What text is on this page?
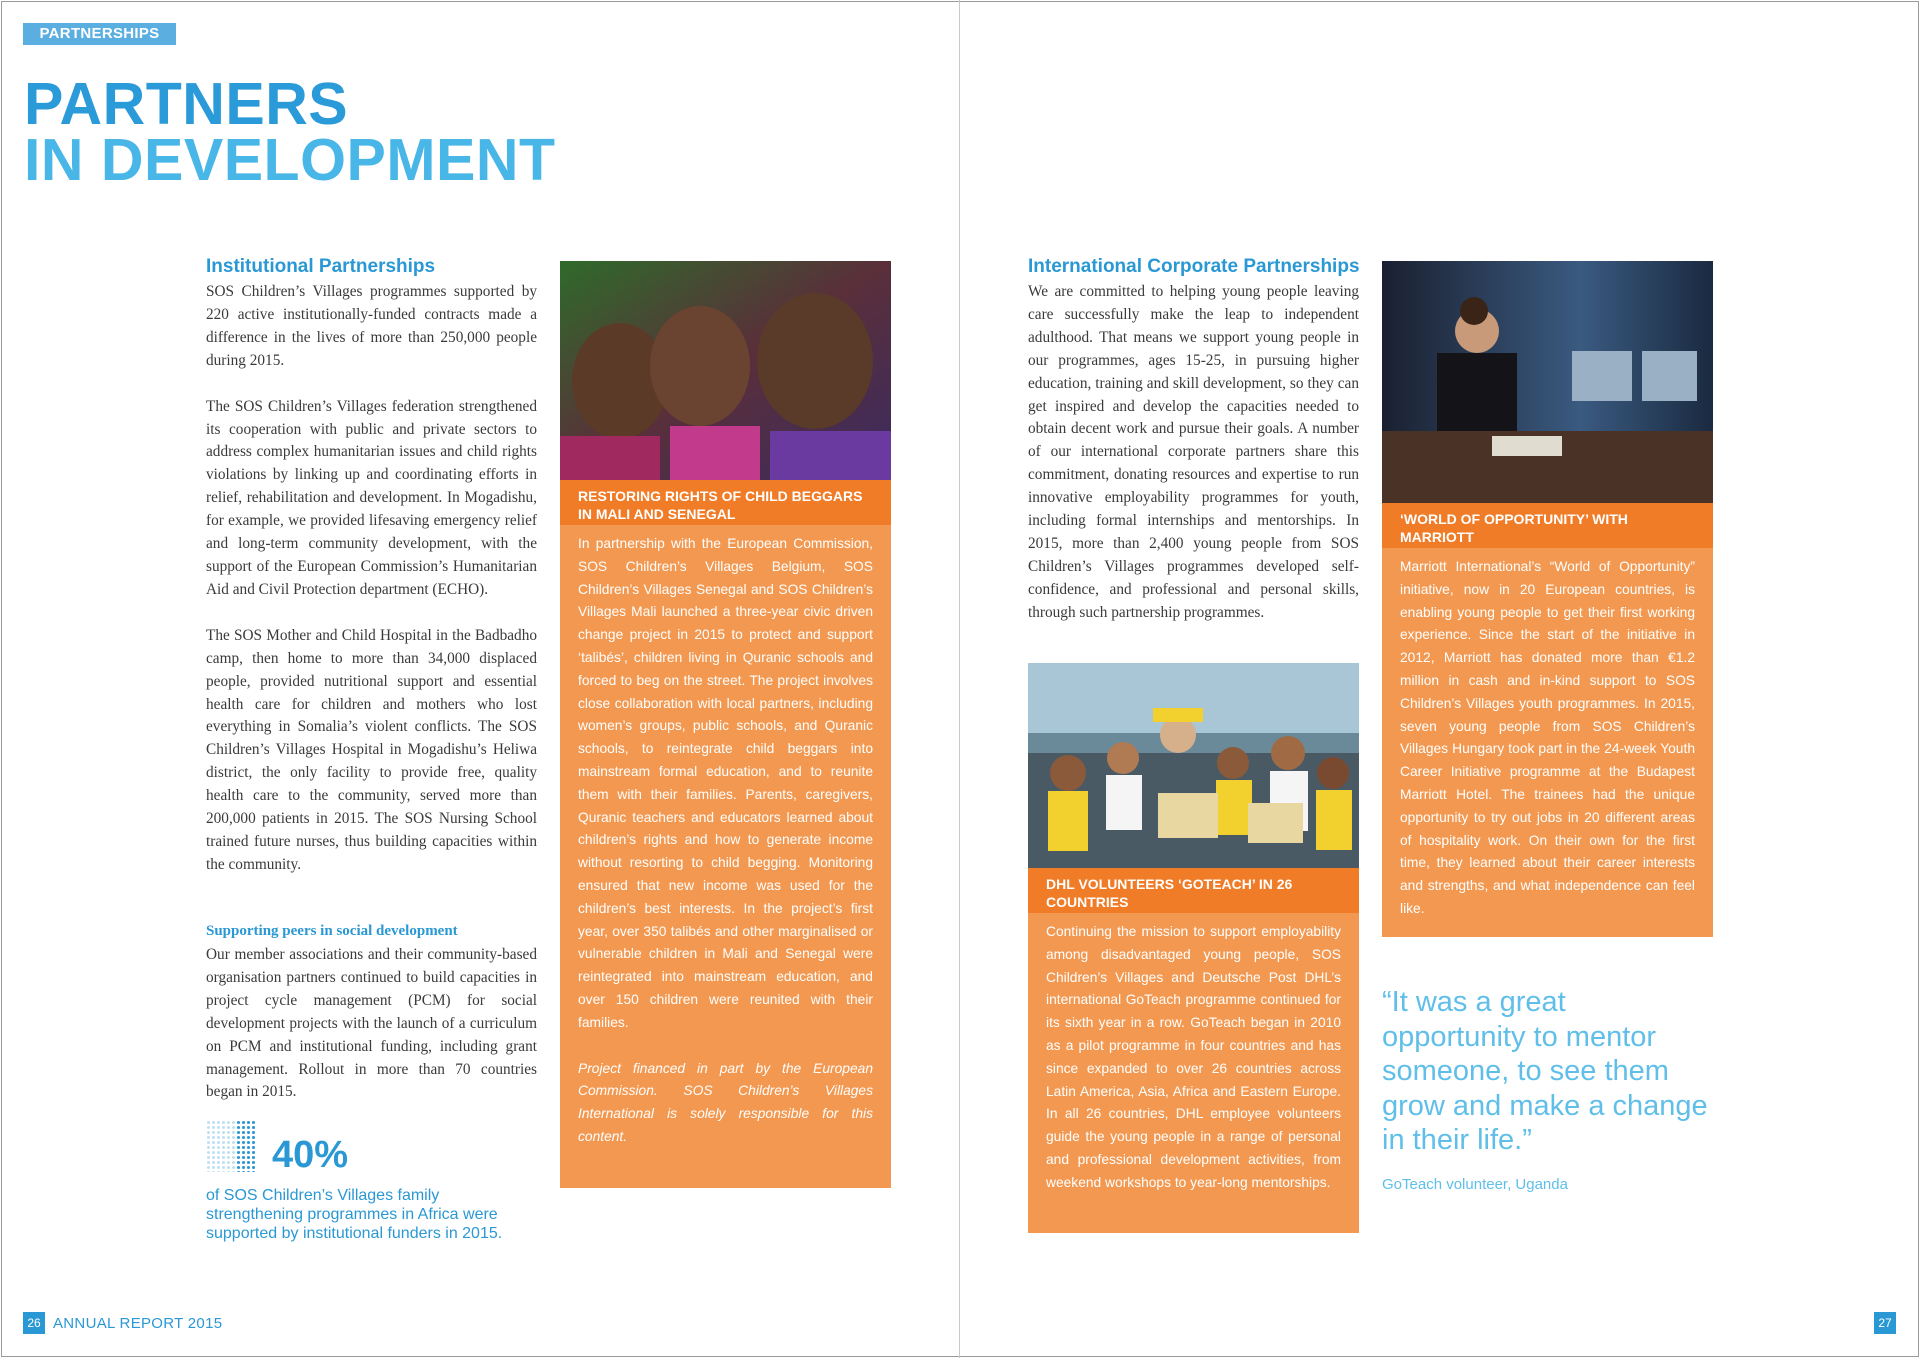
PARTNERSHIPS
PARTNERS
IN DEVELOPMENT
Institutional Partnerships

SOS Children’s Villages programmes supported by 220 active institutionally-funded contracts made a difference in the lives of more than 250,000 people during 2015.

The SOS Children’s Villages federation strengthened its cooperation with public and private sectors to address complex humanitarian issues and child rights violations by linking up and coordinating efforts in relief, rehabilitation and development. In Mogadishu, for example, we provided lifesaving emergency relief and long-term community development, with the support of the European Commission’s Humanitarian Aid and Civil Protection department (ECHO).

The SOS Mother and Child Hospital in the Badbadho camp, then home to more than 34,000 displaced people, provided nutritional support and essential health care for children and mothers who lost everything in Somalia’s violent conflicts. The SOS Children’s Villages Hospital in Mogadishu’s Heliwa district, the only facility to provide free, quality health care to the community, served more than 200,000 patients in 2015. The SOS Nursing School trained future nurses, thus building capacities within the community.

Supporting peers in social development
Our member associations and their community-based organisation partners continued to build capacities in project cycle management (PCM) for social development projects with the launch of a curriculum on PCM and institutional funding, including grant management. Rollout in more than 70 countries began in 2015.
40%
of SOS Children’s Villages family strengthening programmes in Africa were supported by institutional funders in 2015.
RESTORING RIGHTS OF CHILD BEGGARS IN MALI AND SENEGAL

In partnership with the European Commission, SOS Children’s Villages Belgium, SOS Children’s Villages Senegal and SOS Children’s Villages Mali launched a three-year civic driven change project in 2015 to protect and support ‘talibés’, children living in Quranic schools and forced to beg on the street. The project involves close collaboration with local partners, including women’s groups, public schools, and Quranic schools, to reintegrate child beggars into mainstream formal education, and to reunite them with their families. Parents, caregivers, Quranic teachers and educators learned about children’s rights and how to generate income without resorting to child begging. Monitoring ensured that new income was used for the children’s best interests. In the project’s first year, over 350 talibés and other marginalised or vulnerable children in Mali and Senegal were reintegrated into mainstream education, and over 150 children were reunited with their families.

Project financed in part by the European Commission. SOS Children’s Villages International is solely responsible for this content.

International Corporate Partnerships
We are committed to helping young people leaving care successfully make the leap to independent adulthood. That means we support young people in our programmes, ages 15-25, in pursuing higher education, training and skill development, so they can get inspired and develop the capacities needed to obtain decent work and pursue their goals. A number of our international corporate partners share this commitment, donating resources and expertise to run innovative employability programmes for youth, including formal internships and mentorships. In 2015, more than 2,400 young people from SOS Children’s Villages programmes developed self-confidence, and professional and personal skills, through such partnership programmes.
DHL VOLUNTEERS ‘GOTEACH’ IN 26 COUNTRIES

Continuing the mission to support employability among disadvantaged young people, SOS Children’s Villages and Deutsche Post DHL’s international GoTeach programme continued for its sixth year in a row. GoTeach began in 2010 as a pilot programme in four countries and has since expanded to over 26 countries across Latin America, Asia, Africa and Eastern Europe. In all 26 countries, DHL employee volunteers guide the young people in a range of personal and professional development activities, from weekend workshops to year-long mentorships.

‘WORLD OF OPPORTUNITY’ WITH MARRIOTT

Marriott International’s “World of Opportunity” initiative, now in 20 European countries, is enabling young people to get their first working experience. Since the start of the initiative in 2012, Marriott has donated more than €1.2 million in cash and in-kind support to SOS Children’s Villages youth programmes. In 2015, seven young people from SOS Children’s Villages Hungary took part in the 24-week Youth Career Initiative programme at the Budapest Marriott Hotel. The trainees had the unique opportunity to try out jobs in 20 different areas of hospitality work. On their own for the first time, they learned about their career interests and strengths, and what independence can feel like.

“It was a great opportunity to mentor someone, to see them grow and make a change in their life.”
GoTeach volunteer, Uganda
26 ANNUAL REPORT 2015	27
